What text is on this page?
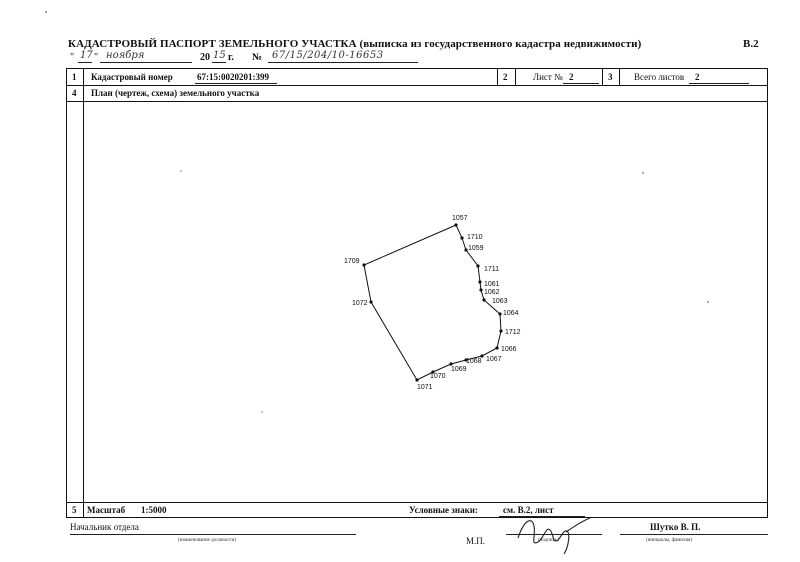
КАДАСТРОВЫЙ ПАСПОРТ ЗЕМЕЛЬНОГО УЧАСТКА (выписка из государственного кадастра недвижимости)	В.2
" 17 " ноября	20 15 г. № 67/15/204/10-16653
1 Кадастровый номер	67:15:0020201:399	2	Лист № 2	3 Всего листов 2
4 План (чертеж, схема) земельного участка
5 Масштаб 1:5000	Условные знаки:	см. В.2, лист
1057
1710
1059
1711
1061
1062
1063
1064
1712
1066
1067
1068
1069
1070
1071
1072
1709
Начальник отдела
(наименование должности)	М.П.	(подпись)
Шутко В. П.
(инициалы, фамилия)
